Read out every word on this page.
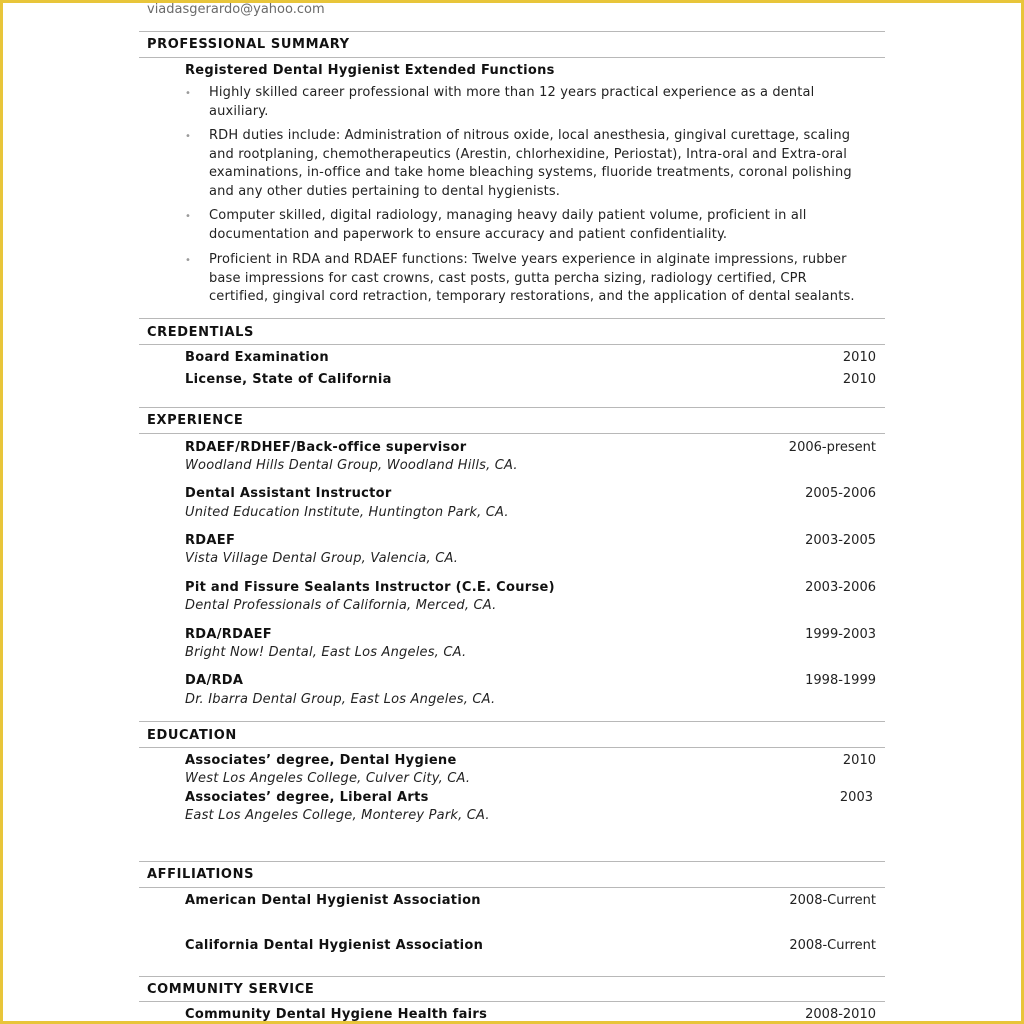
viadasgerardo@yahoo.com
PROFESSIONAL SUMMARY
Registered Dental Hygienist Extended Functions
• Highly skilled career professional with more than 12 years practical experience as a dental auxiliary.
• RDH duties include: Administration of nitrous oxide, local anesthesia, gingival curettage, scaling and rootplaning, chemotherapeutics (Arestin, chlorhexidine, Periostat), Intra-oral and Extra-oral examinations, in-office and take home bleaching systems, fluoride treatments, coronal polishing and any other duties pertaining to dental hygienists.
• Computer skilled, digital radiology, managing heavy daily patient volume, proficient in all documentation and paperwork to ensure accuracy and patient confidentiality.
• Proficient in RDA and RDAEF functions: Twelve years experience in alginate impressions, rubber base impressions for cast crowns, cast posts, gutta percha sizing, radiology certified, CPR certified, gingival cord retraction, temporary restorations, and the application of dental sealants.
CREDENTIALS
Board Examination	2010
License, State of California	2010
EXPERIENCE
RDAEF/RDHEF/Back-office supervisor	2006-present
Woodland Hills Dental Group, Woodland Hills, CA.
Dental Assistant Instructor	2005-2006
United Education Institute, Huntington Park, CA.
RDAEF	2003-2005
Vista Village Dental Group, Valencia, CA.
Pit and Fissure Sealants Instructor (C.E. Course)	2003-2006
Dental Professionals of California, Merced, CA.
RDA/RDAEF	1999-2003
Bright Now! Dental, East Los Angeles, CA.
DA/RDA	1998-1999
Dr. Ibarra Dental Group, East Los Angeles, CA.
EDUCATION
Associates’ degree, Dental Hygiene	2010
West Los Angeles College, Culver City, CA.
Associates’ degree, Liberal Arts	2003
East Los Angeles College, Monterey Park, CA.
AFFILIATIONS
American Dental Hygienist Association	2008-Current
California Dental Hygienist Association	2008-Current
COMMUNITY SERVICE
Community Dental Hygiene Health fairs	2008-2010
